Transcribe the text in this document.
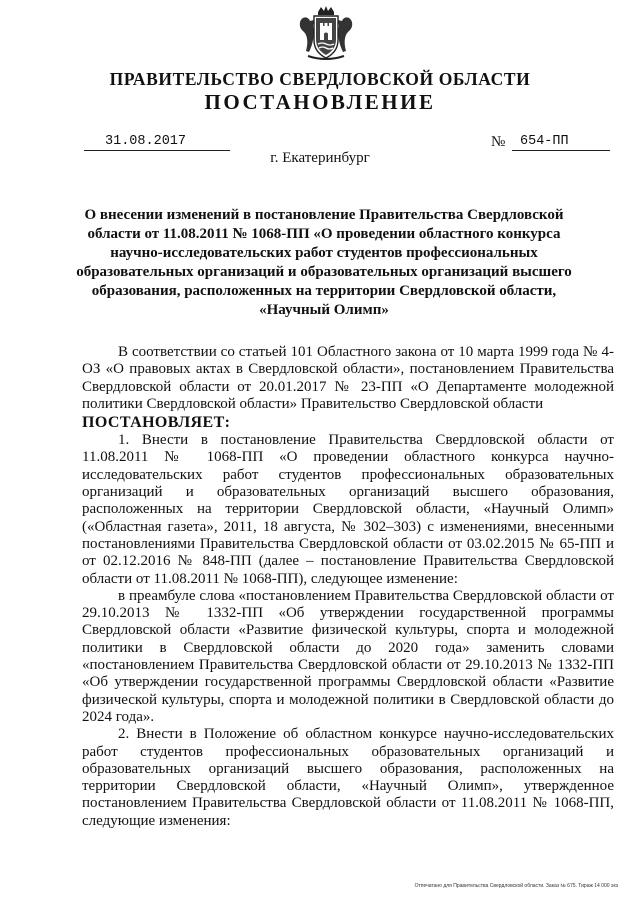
ПРАВИТЕЛЬСТВО СВЕРДЛОВСКОЙ ОБЛАСТИ
ПОСТАНОВЛЕНИЕ
31.08.2017	№ 654-ПП
г. Екатеринбург
О внесении изменений в постановление Правительства Свердловской области от 11.08.2011 № 1068-ПП «О проведении областного конкурса научно-исследовательских работ студентов профессиональных образовательных организаций и образовательных организаций высшего образования, расположенных на территории Свердловской области, «Научный Олимп»

В соответствии со статьей 101 Областного закона от 10 марта 1999 года № 4-ОЗ «О правовых актах в Свердловской области», постановлением Правительства Свердловской области от 20.01.2017 № 23-ПП «О Департаменте молодежной политики Свердловской области» Правительство Свердловской области

ПОСТАНОВЛЯЕТ:

1. Внести в постановление Правительства Свердловской области от 11.08.2011 № 1068-ПП «О проведении областного конкурса научно-исследовательских работ студентов профессиональных образовательных организаций и образовательных организаций высшего образования, расположенных на территории Свердловской области, «Научный Олимп» («Областная газета», 2011, 18 августа, № 302–303) с изменениями, внесенными постановлениями Правительства Свердловской области от 03.02.2015 № 65-ПП и от 02.12.2016 № 848-ПП (далее – постановление Правительства Свердловской области от 11.08.2011 № 1068-ПП), следующее изменение:

в преамбуле слова «постановлением Правительства Свердловской области от 29.10.2013 № 1332-ПП «Об утверждении государственной программы Свердловской области «Развитие физической культуры, спорта и молодежной политики в Свердловской области до 2020 года» заменить словами «постановлением Правительства Свердловской области от 29.10.2013 № 1332-ПП «Об утверждении государственной программы Свердловской области «Развитие физической культуры, спорта и молодежной политики в Свердловской области до 2024 года».

2. Внести в Положение об областном конкурсе научно-исследовательских работ студентов профессиональных образовательных организаций и образовательных организаций высшего образования, расположенных на территории Свердловской области, «Научный Олимп», утвержденное постановлением Правительства Свердловской области от 11.08.2011 № 1068-ПП, следующие изменения:

Отпечатано для Правительства Свердловской области. Заказ № 675. Тираж 14 000 экз
